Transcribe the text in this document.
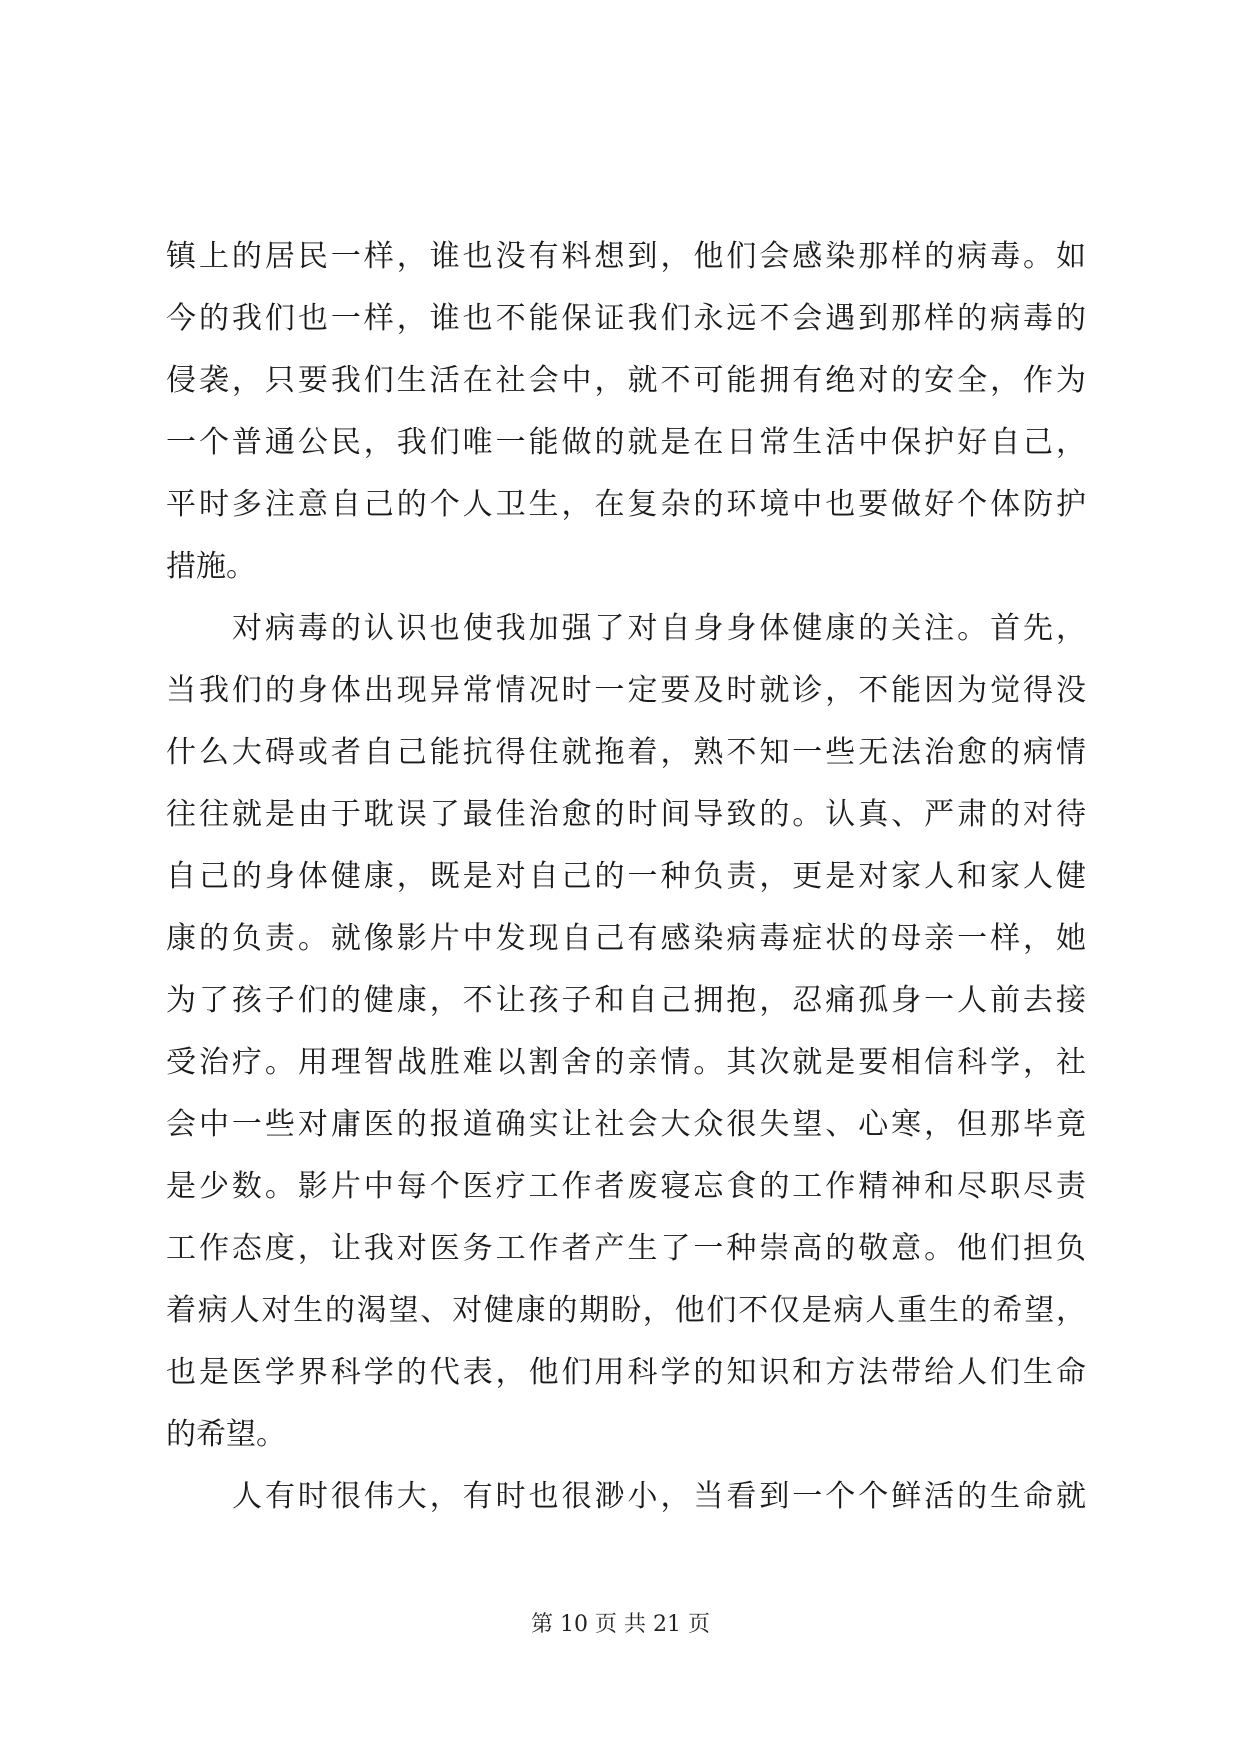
镇上的居民一样，谁也没有料想到，他们会感染那样的病毒。如
今的我们也一样，谁也不能保证我们永远不会遇到那样的病毒的
侵袭，只要我们生活在社会中，就不可能拥有绝对的安全，作为
一个普通公民，我们唯一能做的就是在日常生活中保护好自己，
平时多注意自己的个人卫生，在复杂的环境中也要做好个体防护
措施。
对病毒的认识也使我加强了对自身身体健康的关注。首先，
当我们的身体出现异常情况时一定要及时就诊，不能因为觉得没
什么大碍或者自己能抗得住就拖着，熟不知一些无法治愈的病情
往往就是由于耽误了最佳治愈的时间导致的。认真、严肃的对待
自己的身体健康，既是对自己的一种负责，更是对家人和家人健
康的负责。就像影片中发现自己有感染病毒症状的母亲一样，她
为了孩子们的健康，不让孩子和自己拥抱，忍痛孤身一人前去接
受治疗。用理智战胜难以割舍的亲情。其次就是要相信科学，社
会中一些对庸医的报道确实让社会大众很失望、心寒，但那毕竟
是少数。影片中每个医疗工作者废寝忘食的工作精神和尽职尽责
工作态度，让我对医务工作者产生了一种崇高的敬意。他们担负
着病人对生的渴望、对健康的期盼，他们不仅是病人重生的希望，
也是医学界科学的代表，他们用科学的知识和方法带给人们生命
的希望。
人有时很伟大，有时也很渺小，当看到一个个鲜活的生命就
第 10 页 共 21 页
